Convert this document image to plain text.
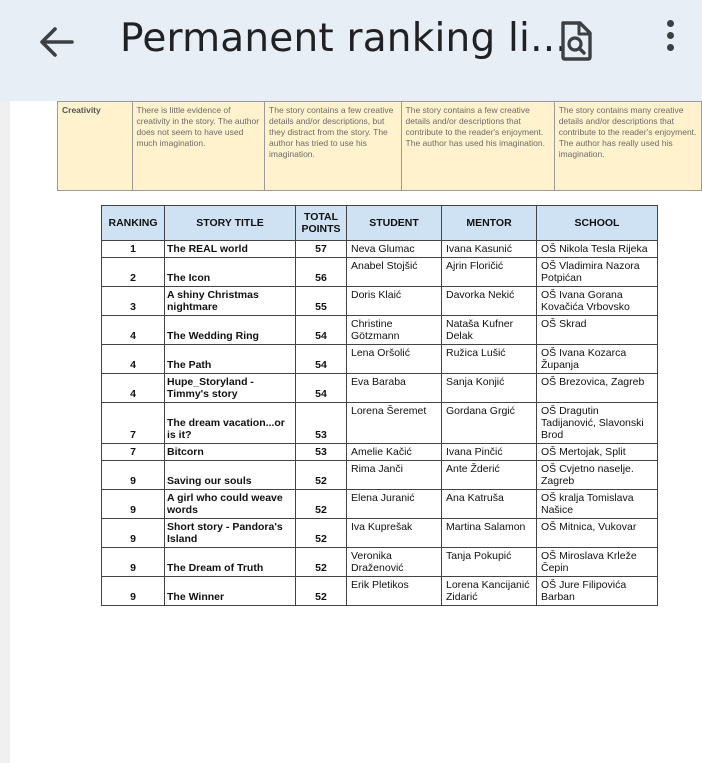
Permanent ranking li...
Creativity	There is little evidence of creativity in the story. The author does not seem to have used much imagination.	The story contains a few creative details and/or descriptions, but they distract from the story. The author has tried to use his imagination.	The story contains a few creative details and/or descriptions that contribute to the reader's enjoyment. The author has used his imagination.	The story contains many creative details and/or descriptions that contribute to the reader's enjoyment. The author has really used his imagination.
RANKING	STORY TITLE	TOTAL POINTS	STUDENT	MENTOR	SCHOOL
1	The REAL world	57	Neva Glumac	Ivana Kasunić	OŠ Nikola Tesla Rijeka
2	The Icon	56	Anabel Stojšić	Ajrin Floričić	OŠ Vladimira Nazora Potpićan
3	A shiny Christmas nightmare	55	Doris Klaić	Davorka Nekić	OŠ Ivana Gorana Kovačića Vrbovsko
4	The Wedding Ring	54	Christine Götzmann	Nataša Kufner Delak	OŠ Skrad
4	The Path	54	Lena Oršolić	Ružica Lušić	OŠ Ivana Kozarca Županja
4	Hupe_Storyland - Timmy's story	54	Eva Baraba	Sanja Konjić	OŠ Brezovica, Zagreb
7	The dream vacation...or is it?	53	Lorena Šeremet	Gordana Grgić	OŠ Dragutin Tadijanović, Slavonski Brod
7	Bitcorn	53	Amelie Kačić	Ivana Pinčić	OŠ Mertojak, Split
9	Saving our souls	52	Rima Janči	Ante Žderić	OŠ Cvjetno naselje. Zagreb
9	A girl who could weave words	52	Elena Juranić	Ana Katruša	OŠ kralja Tomislava Našice
9	Short story - Pandora's Island	52	Iva Kuprešak	Martina Salamon	OŠ Mitnica, Vukovar
9	The Dream of Truth	52	Veronika Draženović	Tanja Pokupić	OŠ Miroslava Krleže Čepin
9	The Winner	52	Erik Pletikos	Lorena Kancijanić Zidarić	OŠ Jure Filipovića Barban
